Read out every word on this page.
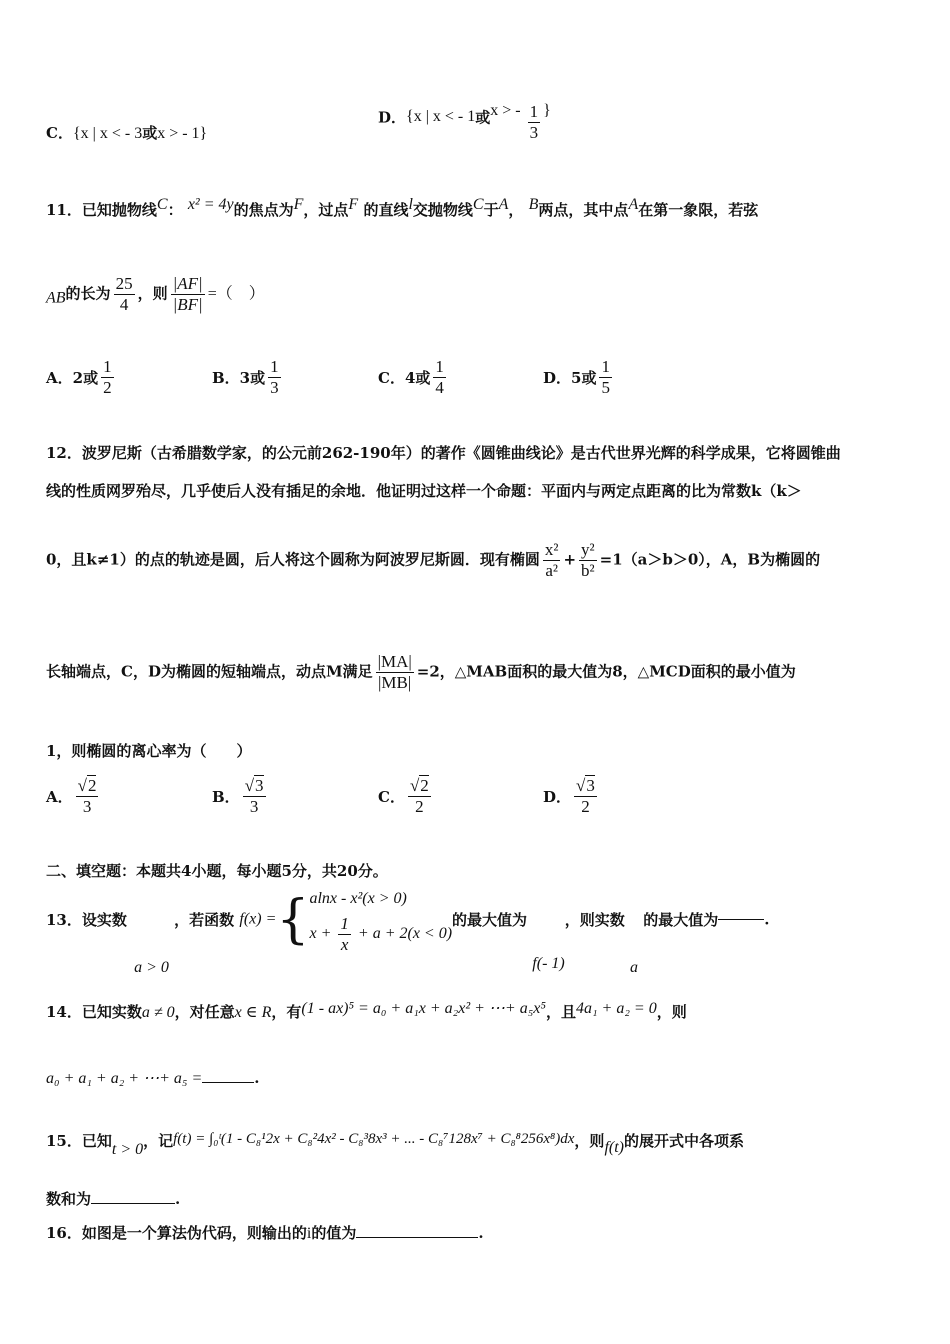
C．{x | x < - 3或x > - 1}
D．{x | x < - 1或x > - $\frac{1}{3}$ }
11．已知抛物线C： x² = 4y的焦点为F，过点F 的直线l交抛物线C于A， B两点，其中点A在第一象限，若弦
AB的长为 $\frac{25}{4}$ ，则 $\frac{|AF|}{|BF|}$ =（　）
A．2或 $\frac{1}{2}$	B．3或 $\frac{1}{3}$	C．4或 $\frac{1}{4}$	D．5或 $\frac{1}{5}$
12．波罗尼斯（古希腊数学家，的公元前262-190年）的著作《圆锥曲线论》是古代世界光辉的科学成果，它将圆锥曲
线的性质网罗殆尽，几乎使后人没有插足的余地．他证明过这样一个命题：平面内与两定点距离的比为常数k（k＞
0，且k≠1）的点的轨迹是圆，后人将这个圆称为阿波罗尼斯圆．现有椭圆 $\frac{\text{x²}}{\text{a²}} + \frac{\text{y²}}{\text{b²}} =1(a>b>0)$，A，B为椭圆的
长轴端点，C，D为椭圆的短轴端点，动点M满足 $\frac{|MA|}{|MB|} =2$，△MAB面积的最大值为8，△MCD面积的最小值为
1，则椭圆的离心率为（　　）
A． $\frac{√2}{3}$	B． $\frac{√3}{3}$	C． $\frac{√2}{2}$	D． $\frac{√3}{2}$
二、填空题：本题共4小题，每小题5分，共20分。
13．设实数 a > 0 ，若函数 f(x) ={ alnx - x²(x > 0)
$x + \frac{1}{x} + a + 2(x < 0)$
的最大值为 f(- 1)，则实数 a 的最大值为	.
14．已知实数a ≠ 0，对任意x ∈ R，有(1 - ax)⁵ = a₀ + a₁x + a₂x² + ⋯+ a₅x⁵，且4a₁ + a₂ = 0，则
a₀ + a₁ + a₂ + ⋯+ a₅ =	.
15．已知t > 0，记f(t) = ∫₀ᵗ(1 - C₈¹2x + C₈²4x² - C₈³8x³ + ... - C₈⁷128x⁷ + C₈⁸256x⁸)dx，则f(t)的展开式中各项系
数和为	.
16．如图是一个算法伪代码，则输出的i的值为	.
